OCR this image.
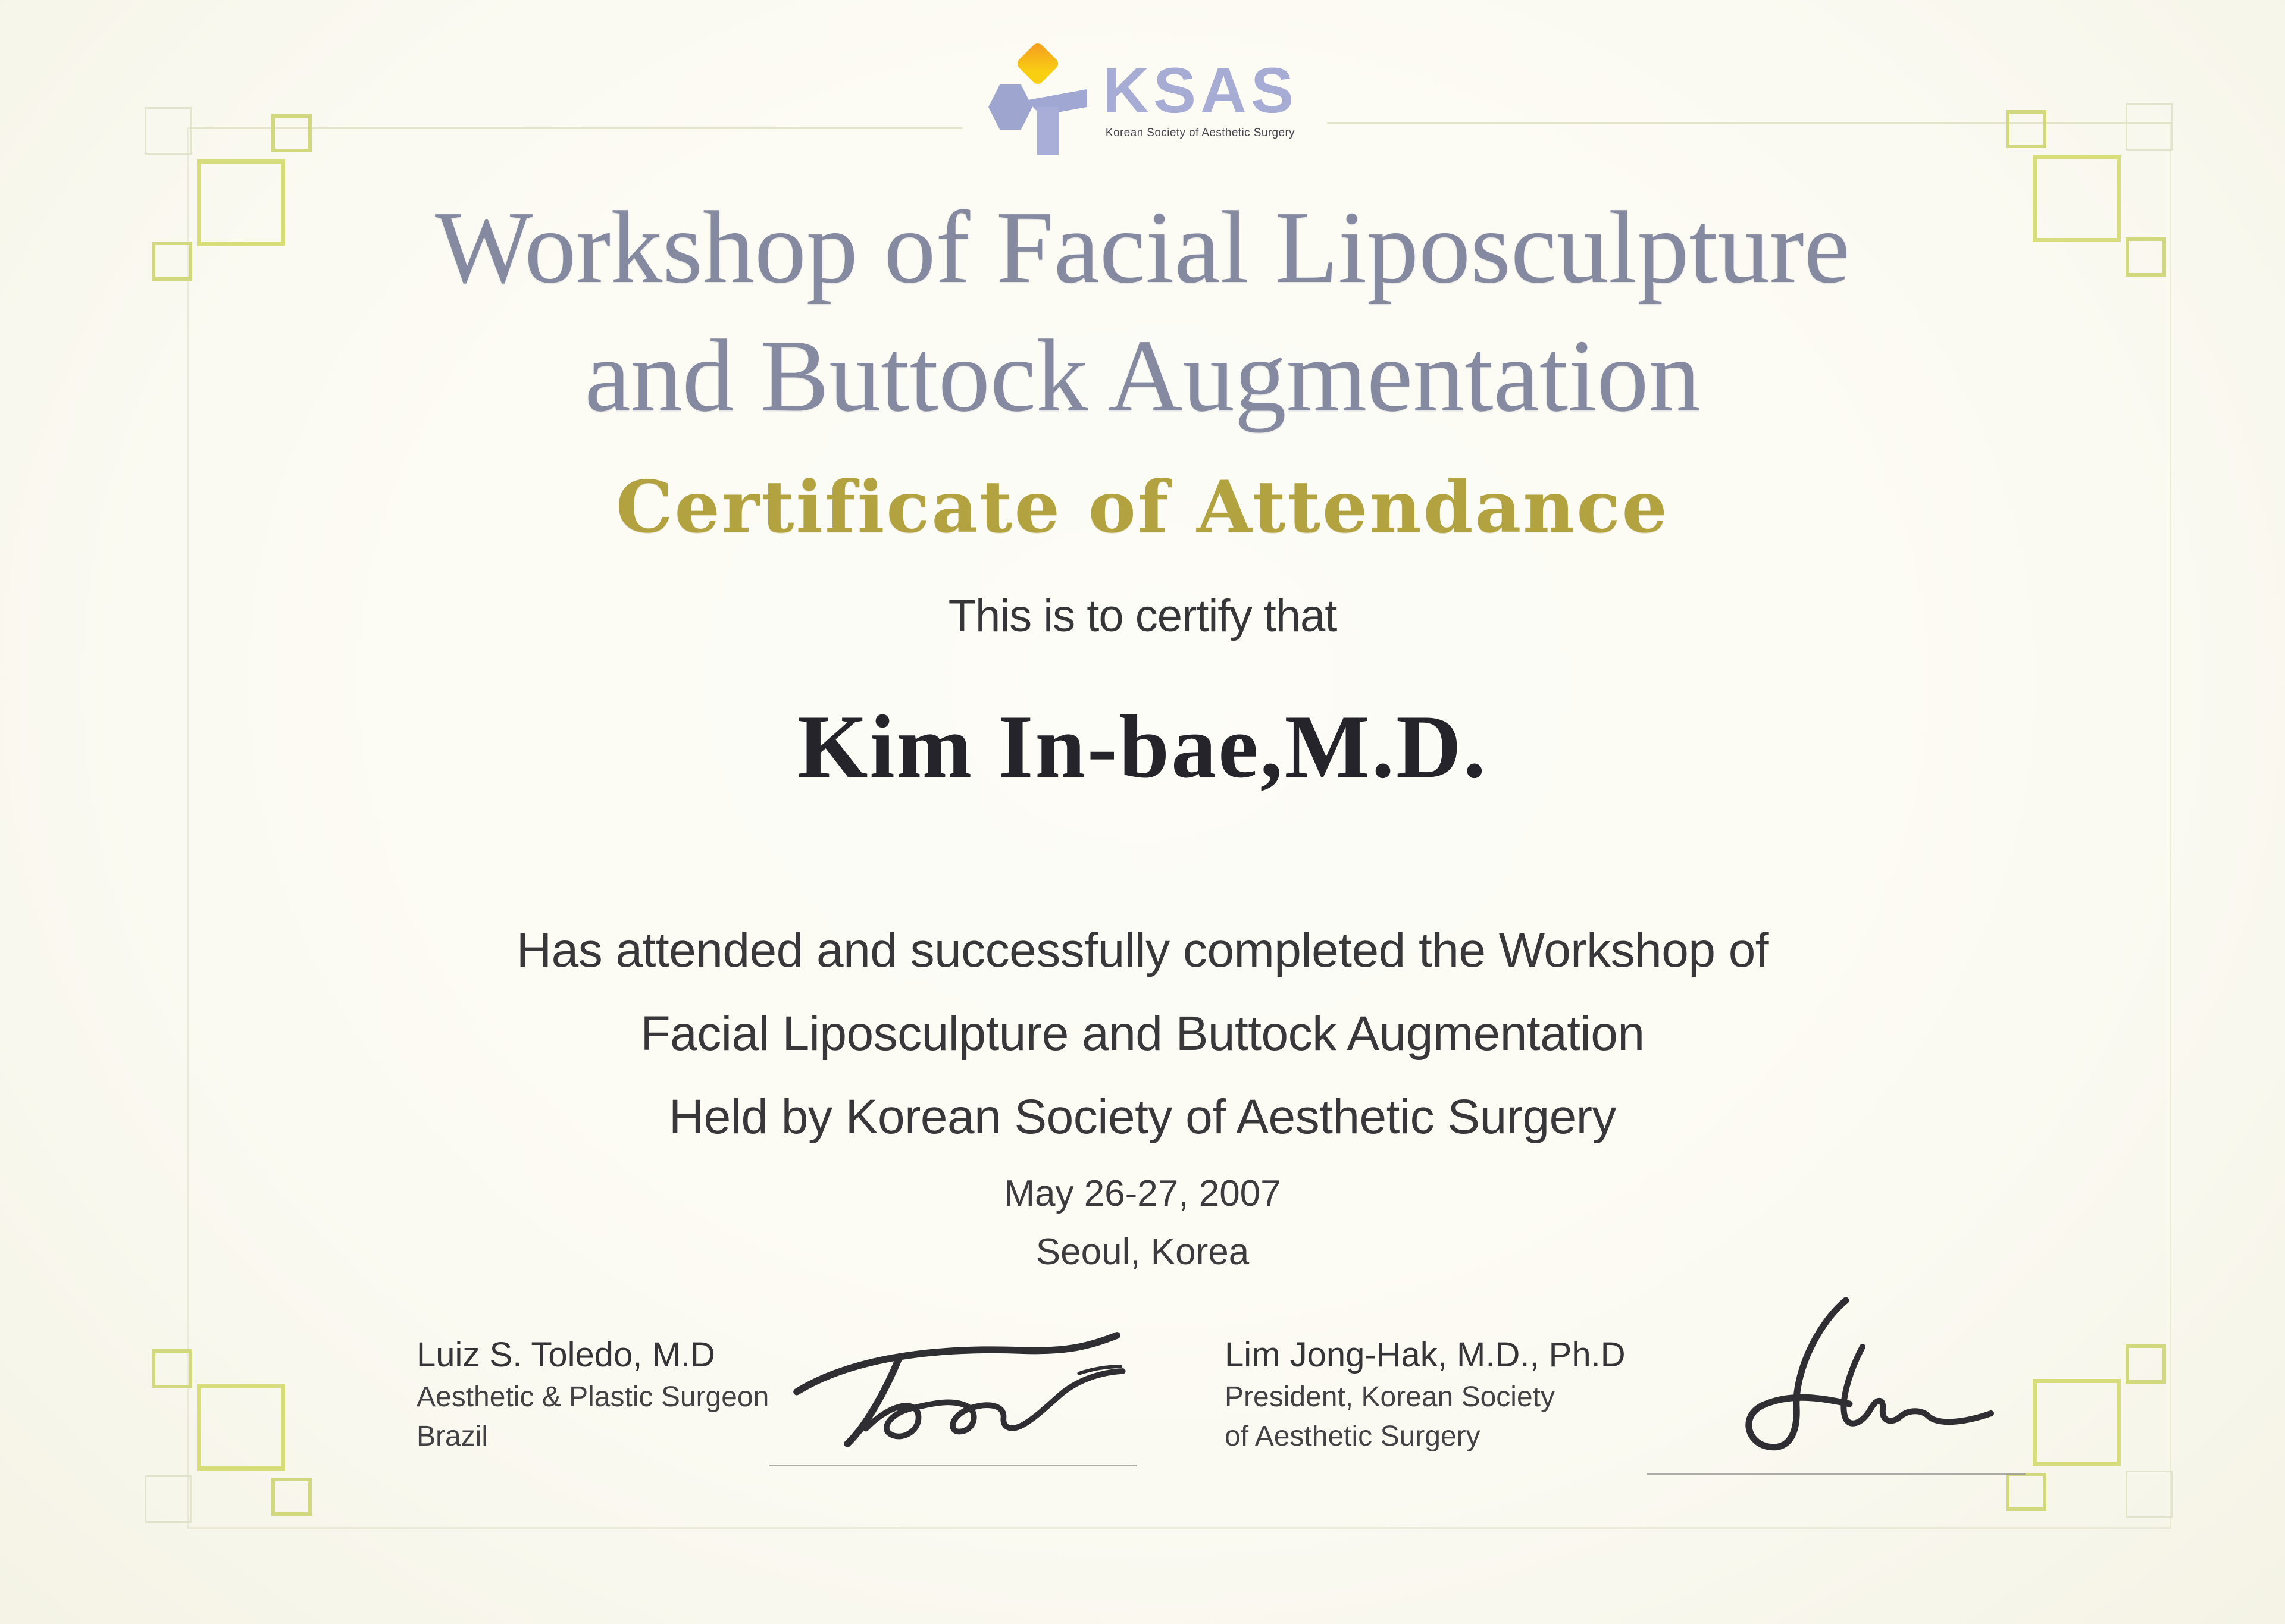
KSAS
Korean Society of Aesthetic Surgery
Workshop of Facial Liposculpture
and Buttock Augmentation
Certificate of Attendance
This is to certify that
Kim In-bae,M.D.
Has attended and successfully completed the Workshop of
Facial Liposculpture and Buttock Augmentation
Held by Korean Society of Aesthetic Surgery
May 26-27, 2007
Seoul, Korea
Luiz S. Toledo, M.D
Aesthetic & Plastic Surgeon
Brazil
Lim Jong-Hak, M.D., Ph.D
President, Korean Society
of Aesthetic Surgery
